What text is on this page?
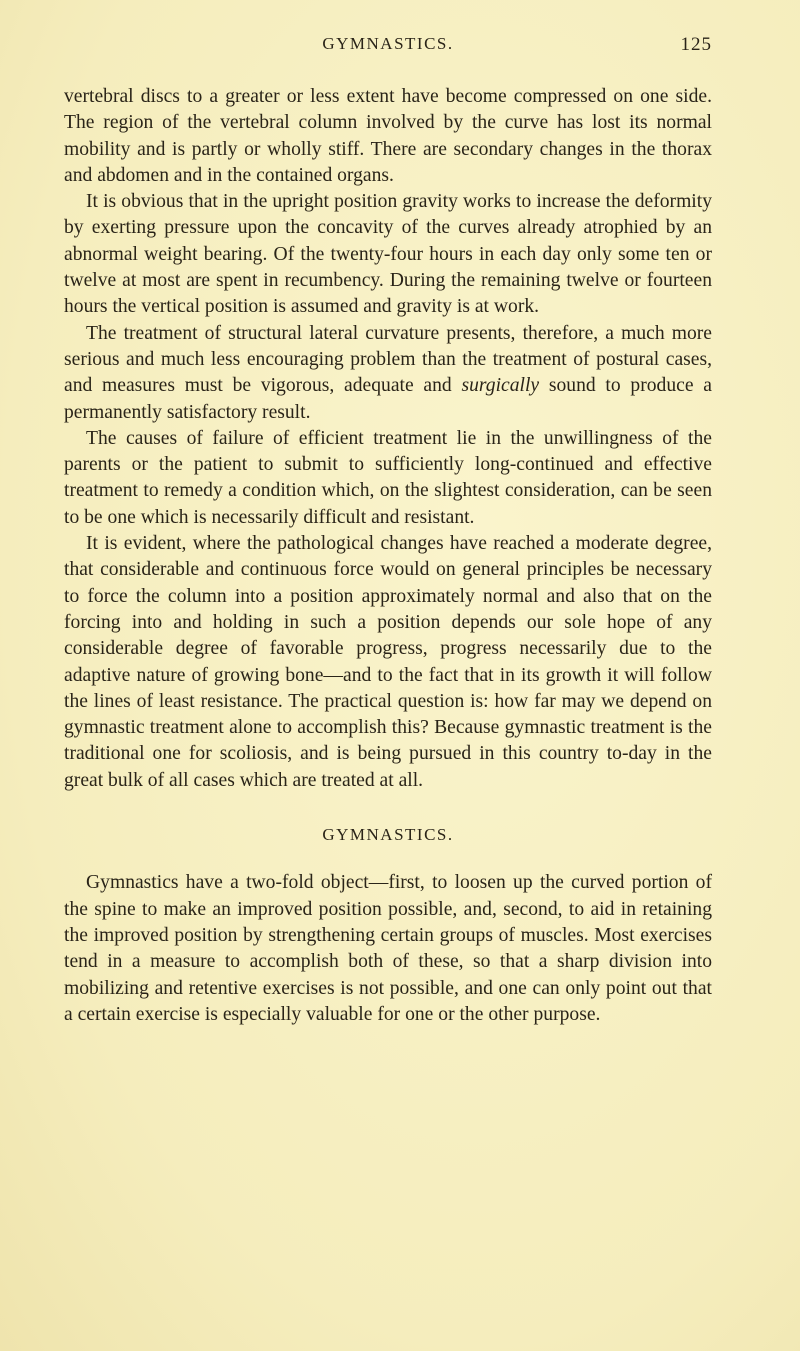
GYMNASTICS.	125

vertebral discs to a greater or less extent have become compressed on one side. The region of the vertebral column involved by the curve has lost its normal mobility and is partly or wholly stiff. There are secondary changes in the thorax and abdomen and in the contained organs.

It is obvious that in the upright position gravity works to increase the deformity by exerting pressure upon the concavity of the curves already atrophied by an abnormal weight bearing. Of the twenty-four hours in each day only some ten or twelve at most are spent in recumbency. During the remaining twelve or fourteen hours the vertical position is assumed and gravity is at work.

The treatment of structural lateral curvature presents, therefore, a much more serious and much less encouraging problem than the treatment of postural cases, and measures must be vigorous, adequate and surgically sound to produce a permanently satisfactory result.

The causes of failure of efficient treatment lie in the unwillingness of the parents or the patient to submit to sufficiently long-continued and effective treatment to remedy a condition which, on the slightest consideration, can be seen to be one which is necessarily difficult and resistant.

It is evident, where the pathological changes have reached a moderate degree, that considerable and continuous force would on general principles be necessary to force the column into a position approximately normal and also that on the forcing into and holding in such a position depends our sole hope of any considerable degree of favorable progress, progress necessarily due to the adaptive nature of growing bone—and to the fact that in its growth it will follow the lines of least resistance. The practical question is: how far may we depend on gymnastic treatment alone to accomplish this? Because gymnastic treatment is the traditional one for scoliosis, and is being pursued in this country to-day in the great bulk of all cases which are treated at all.

GYMNASTICS.

Gymnastics have a two-fold object—first, to loosen up the curved portion of the spine to make an improved position possible, and, second, to aid in retaining the improved position by strengthening certain groups of muscles. Most exercises tend in a measure to accomplish both of these, so that a sharp division into mobilizing and retentive exercises is not possible, and one can only point out that a certain exercise is especially valuable for one or the other purpose.
